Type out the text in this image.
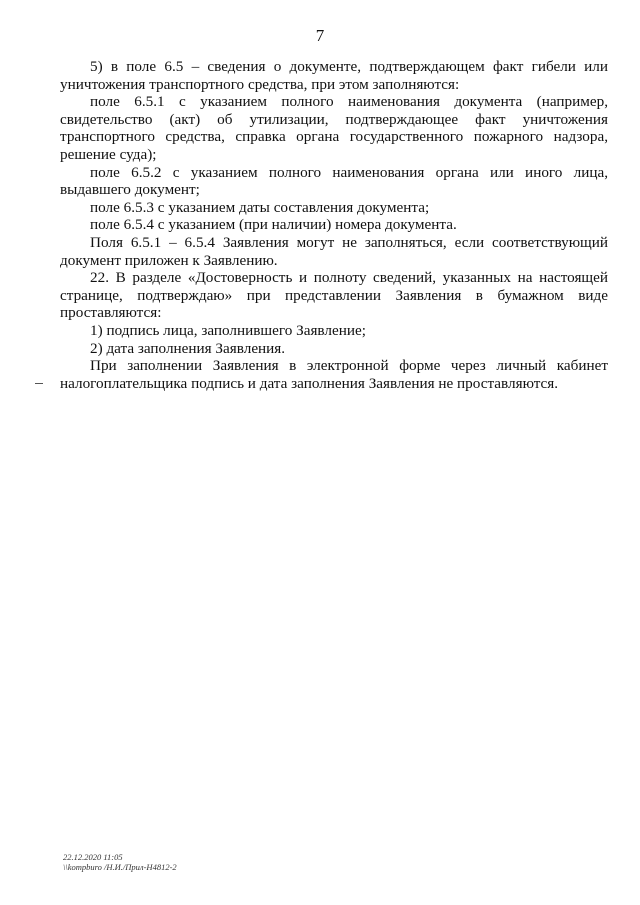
7

5) в поле 6.5 – сведения о документе, подтверждающем факт гибели или уничтожения транспортного средства, при этом заполняются:

поле 6.5.1 с указанием полного наименования документа (например, свидетельство (акт) об утилизации, подтверждающее факт уничтожения транспортного средства, справка органа государственного пожарного надзора, решение суда);

поле 6.5.2 с указанием полного наименования органа или иного лица, выдавшего документ;

поле 6.5.3 с указанием даты составления документа;

поле 6.5.4 с указанием (при наличии) номера документа.

Поля 6.5.1 – 6.5.4 Заявления могут не заполняться, если соответствующий документ приложен к Заявлению.

22. В разделе «Достоверность и полноту сведений, указанных на настоящей странице, подтверждаю» при представлении Заявления в бумажном виде проставляются:

1) подпись лица, заполнившего Заявление;

2) дата заполнения Заявления.

При заполнении Заявления в электронной форме через личный кабинет налогоплательщика подпись и дата заполнения Заявления не проставляются.

22.12.2020 11:05
\\kompburo /Н.И./Прил-Н4812-2
